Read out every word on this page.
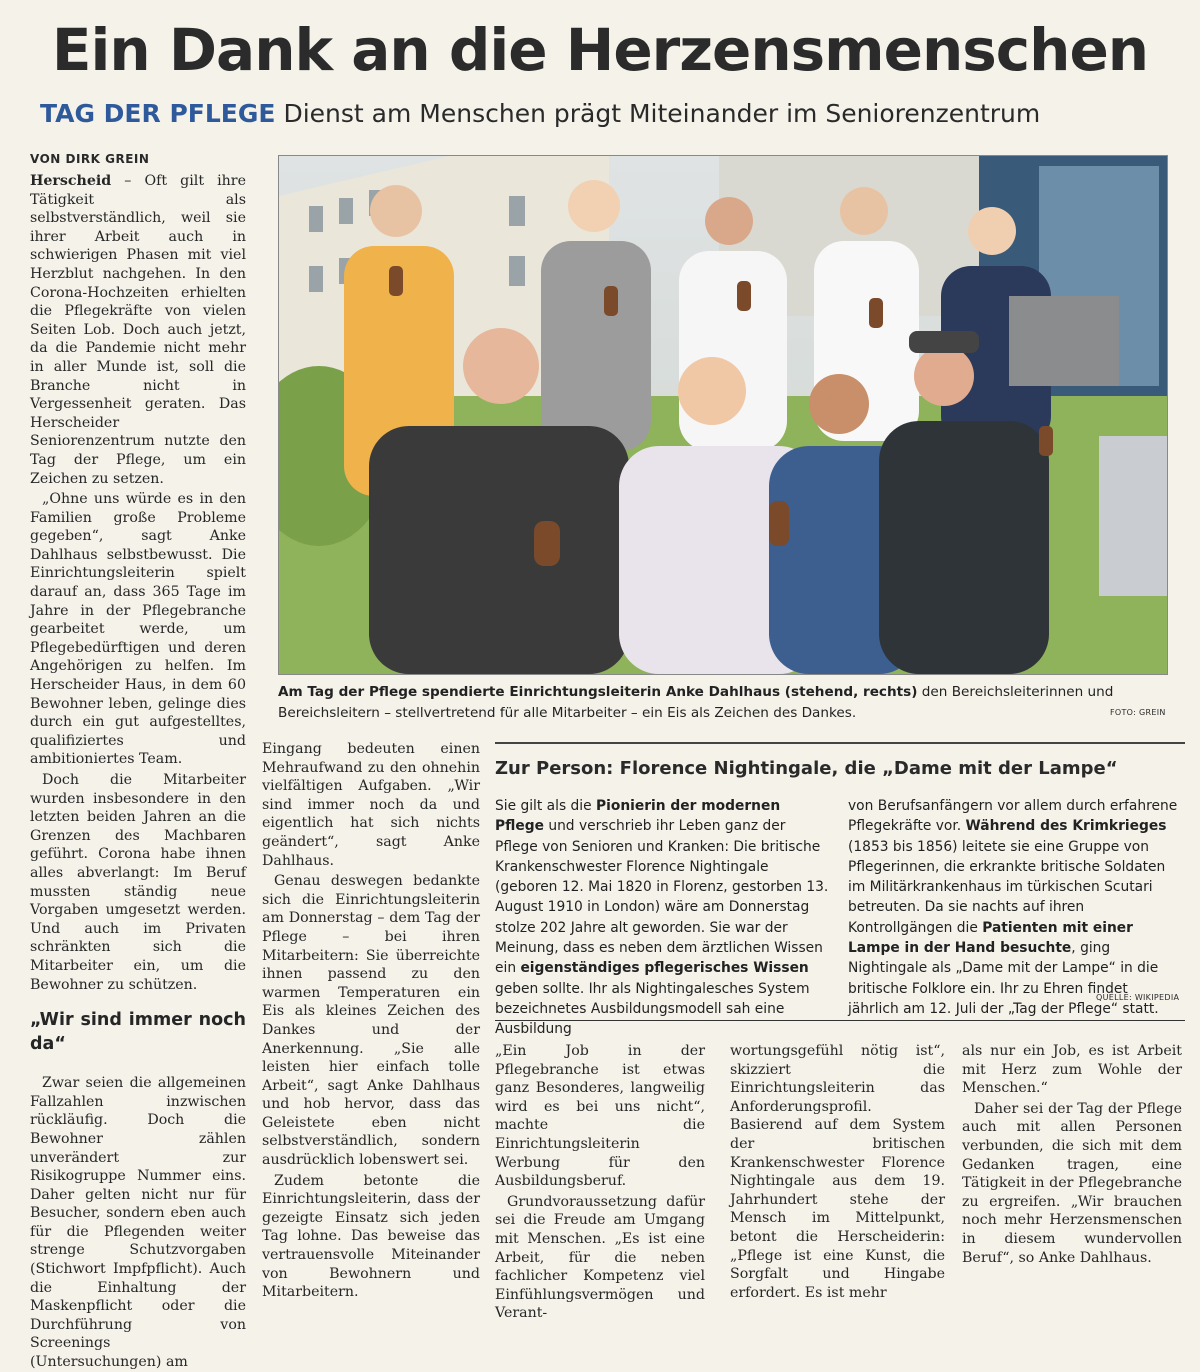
Ein Dank an die Herzensmenschen
TAG DER PFLEGE Dienst am Menschen prägt Miteinander im Seniorenzentrum
VON DIRK GREIN

Herscheid – Oft gilt ihre Tätigkeit als selbstverständlich, weil sie ihrer Arbeit auch in schwierigen Phasen mit viel Herzblut nachgehen. In den Corona-Hochzeiten erhielten die Pflegekräfte von vielen Seiten Lob. Doch auch jetzt, da die Pandemie nicht mehr in aller Munde ist, soll die Branche nicht in Vergessenheit geraten. Das Herscheider Seniorenzentrum nutzte den Tag der Pflege, um ein Zeichen zu setzen.

„Ohne uns würde es in den Familien große Probleme gegeben“, sagt Anke Dahlhaus selbstbewusst. Die Einrichtungsleiterin spielt darauf an, dass 365 Tage im Jahre in der Pflegebranche gearbeitet werde, um Pflegebedürftigen und deren Angehörigen zu helfen. Im Herscheider Haus, in dem 60 Bewohner leben, gelinge dies durch ein gut aufgestelltes, qualifiziertes und ambitioniertes Team.

Doch die Mitarbeiter wurden insbesondere in den letzten beiden Jahren an die Grenzen des Machbaren geführt. Corona habe ihnen alles abverlangt: Im Beruf mussten ständig neue Vorgaben umgesetzt werden. Und auch im Privaten schränkten sich die Mitarbeiter ein, um die Bewohner zu schützen.

„Wir sind immer noch da“

Zwar seien die allgemeinen Fallzahlen inzwischen rückläufig. Doch die Bewohner zählen unverändert zur Risikogruppe Nummer eins. Daher gelten nicht nur für Besucher, sondern eben auch für die Pflegenden weiter strenge Schutzvorgaben (Stichwort Impfpflicht). Auch die Einhaltung der Maskenpflicht oder die Durchführung von Screenings (Untersuchungen) am

Am Tag der Pflege spendierte Einrichtungsleiterin Anke Dahlhaus (stehend, rechts) den Bereichsleiterinnen und Bereichsleitern – stellvertretend für alle Mitarbeiter – ein Eis als Zeichen des Dankes.	FOTO: GREIN

Eingang bedeuten einen Mehraufwand zu den ohnehin vielfältigen Aufgaben. „Wir sind immer noch da und eigentlich hat sich nichts geändert“, sagt Anke Dahlhaus.

Genau deswegen bedankte sich die Einrichtungsleiterin am Donnerstag – dem Tag der Pflege – bei ihren Mitarbeitern: Sie überreichte ihnen passend zu den warmen Temperaturen ein Eis als kleines Zeichen des Dankes und der Anerkennung. „Sie alle leisten hier einfach tolle Arbeit“, sagt Anke Dahlhaus und hob hervor, dass das Geleistete eben nicht selbstverständlich, sondern ausdrücklich lobenswert sei.

Zudem betonte die Einrichtungsleiterin, dass der gezeigte Einsatz sich jeden Tag lohne. Das beweise das vertrauensvolle Miteinander von Bewohnern und Mitarbeitern.

Zur Person: Florence Nightingale, die „Dame mit der Lampe“

Sie gilt als die Pionierin der modernen Pflege und verschrieb ihr Leben ganz der Pflege von Senioren und Kranken: Die britische Krankenschwester Florence Nightingale (geboren 12. Mai 1820 in Florenz, gestorben 13. August 1910 in London) wäre am Donnerstag stolze 202 Jahre alt geworden. Sie war der Meinung, dass es neben dem ärztlichen Wissen ein eigenständiges pflegerisches Wissen geben sollte. Ihr als Nightingalesches System bezeichnetes Ausbildungsmodell sah eine Ausbildung

von Berufsanfängern vor allem durch erfahrene Pflegekräfte vor. Während des Krimkrieges (1853 bis 1856) leitete sie eine Gruppe von Pflegerinnen, die erkrankte britische Soldaten im Militärkrankenhaus im türkischen Scutari betreuten. Da sie nachts auf ihren Kontrollgängen die Patienten mit einer Lampe in der Hand besuchte, ging Nightingale als „Dame mit der Lampe“ in die britische Folklore ein. Ihr zu Ehren findet jährlich am 12. Juli der „Tag der Pflege“ statt.

QUELLE: WIKIPEDIA

„Ein Job in der Pflegebranche ist etwas ganz Besonderes, langweilig wird es bei uns nicht“, machte die Einrichtungsleiterin Werbung für den Ausbildungsberuf.

Grundvoraussetzung dafür sei die Freude am Umgang mit Menschen. „Es ist eine Arbeit, für die neben fachlicher Kompetenz viel Einfühlungsvermögen und Verant-

wortungsgefühl nötig ist“, skizziert die Einrichtungsleiterin das Anforderungsprofil. Basierend auf dem System der britischen Krankenschwester Florence Nightingale aus dem 19. Jahrhundert stehe der Mensch im Mittelpunkt, betont die Herscheiderin: „Pflege ist eine Kunst, die Sorgfalt und Hingabe erfordert. Es ist mehr

als nur ein Job, es ist Arbeit mit Herz zum Wohle der Menschen.“

Daher sei der Tag der Pflege auch mit allen Personen verbunden, die sich mit dem Gedanken tragen, eine Tätigkeit in der Pflegebranche zu ergreifen. „Wir brauchen noch mehr Herzensmenschen in diesem wundervollen Beruf“, so Anke Dahlhaus.
